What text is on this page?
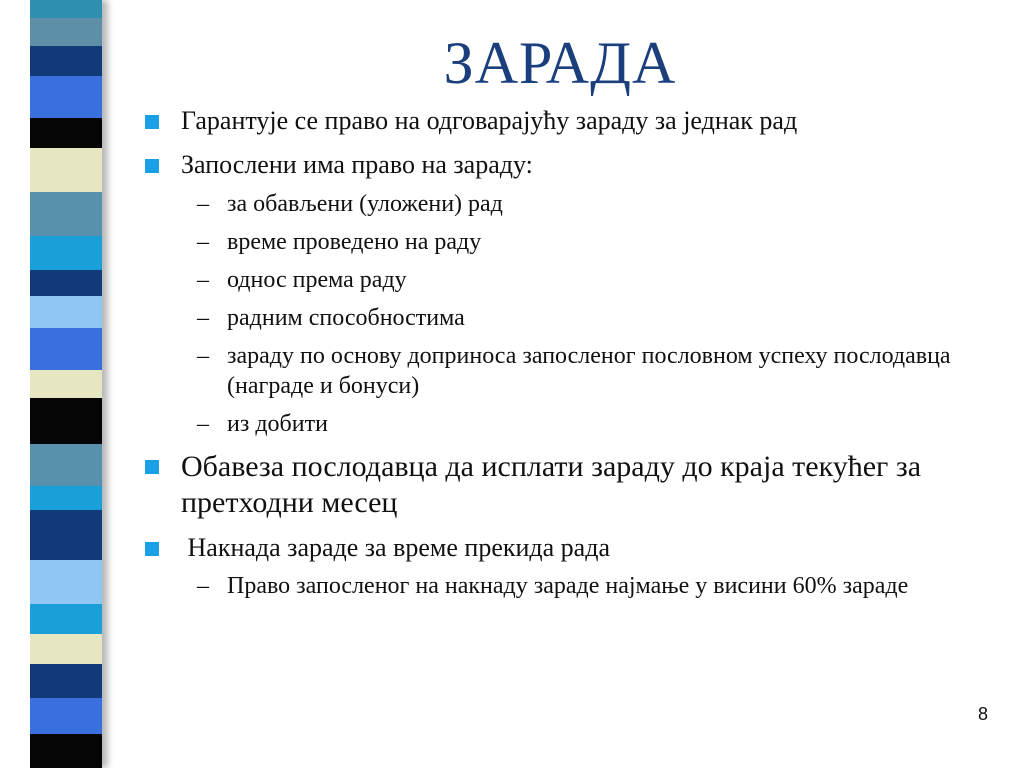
ЗАРАДА
Гарантује се право на одговарајућу зараду за једнак рад
Запослени има право на зараду:
– за обављени (уложени) рад
– време проведено на раду
– однос према раду
– радним способностима
– зараду по основу доприноса запосленог пословном успеху послодавца (награде и бонуси)
– из добити
Обавеза послодавца да исплати зараду до краја текућег за претходни месец
Накнада зараде за време прекида рада
– Право запосленог на накнаду зараде најмање у висини 60% зараде
8
